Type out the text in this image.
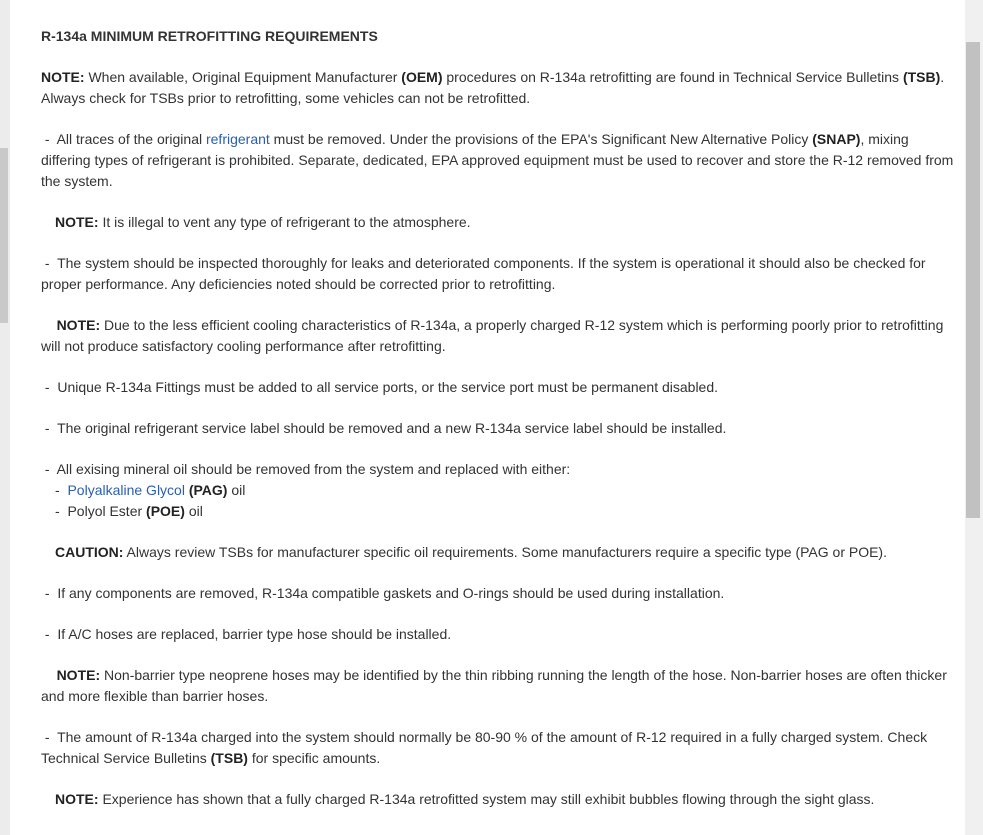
R-134a MINIMUM RETROFITTING REQUIREMENTS

NOTE: When available, Original Equipment Manufacturer (OEM) procedures on R-134a retrofitting are found in Technical Service Bulletins (TSB). Always check for TSBs prior to retrofitting, some vehicles can not be retrofitted.

- All traces of the original refrigerant must be removed. Under the provisions of the EPA's Significant New Alternative Policy (SNAP), mixing differing types of refrigerant is prohibited. Separate, dedicated, EPA approved equipment must be used to recover and store the R-12 removed from the system.

NOTE: It is illegal to vent any type of refrigerant to the atmosphere.

- The system should be inspected thoroughly for leaks and deteriorated components. If the system is operational it should also be checked for proper performance. Any deficiencies noted should be corrected prior to retrofitting.

NOTE: Due to the less efficient cooling characteristics of R-134a, a properly charged R-12 system which is performing poorly prior to retrofitting will not produce satisfactory cooling performance after retrofitting.

- Unique R-134a Fittings must be added to all service ports, or the service port must be permanent disabled.

- The original refrigerant service label should be removed and a new R-134a service label should be installed.

- All exising mineral oil should be removed from the system and replaced with either:
- Polyalkaline Glycol (PAG) oil
- Polyol Ester (POE) oil

CAUTION: Always review TSBs for manufacturer specific oil requirements. Some manufacturers require a specific type (PAG or POE).

- If any components are removed, R-134a compatible gaskets and O-rings should be used during installation.

- If A/C hoses are replaced, barrier type hose should be installed.

NOTE: Non-barrier type neoprene hoses may be identified by the thin ribbing running the length of the hose. Non-barrier hoses are often thicker and more flexible than barrier hoses.

- The amount of R-134a charged into the system should normally be 80-90 % of the amount of R-12 required in a fully charged system. Check Technical Service Bulletins (TSB) for specific amounts.

NOTE: Experience has shown that a fully charged R-134a retrofitted system may still exhibit bubbles flowing through the sight glass.
